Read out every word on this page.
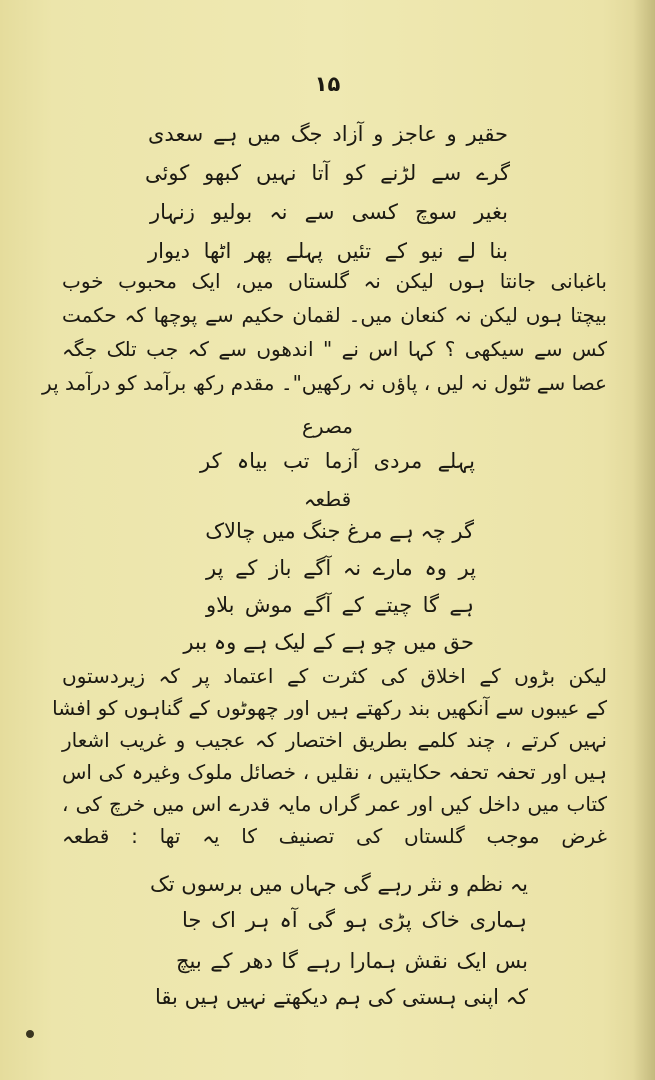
۱۵
حقیر و عاجز و آزاد جگ میں ہے سعدی
گرے سے لڑنے کو آتا نہیں کبھو کوئی
بغیر سوچ کسی سے نہ بولیو زنہار
بنا لے نیو کے تئیں پہلے پھر اٹھا دیوار
باغبانی جانتا ہوں لیکن نہ گلستاں میں، ایک محبوب خوب
بیچتا ہوں لیکن نہ کنعان میں۔ لقمان حکیم سے پوچھا کہ حکمت
کس سے سیکھی ؟ کہا اس نے " اندھوں سے کہ جب تلک جگہ
عصا سے ٹٹول نہ لیں ، پاؤں نہ رکھیں"۔ مقدم رکھ برآمد کو درآمد پر
مصرع
پہلے مردی آزما تب بیاہ کر
قطعہ
گر چہ ہے مرغ جنگ میں چالاک
پر وہ مارے نہ آگے باز کے پر
ہے گا چیتے کے آگے موش بلاو
حق میں چو ہے کے لیک ہے وہ ببر
لیکن بڑوں کے اخلاق کی کثرت کے اعتماد پر کہ زیردستوں
کے عیبوں سے آنکھیں بند رکھتے ہیں اور چھوٹوں کے گناہوں کو افشا
نہیں کرتے ، چند کلمے بطریق اختصار کہ عجیب و غریب اشعار
ہیں اور تحفہ تحفہ حکایتیں ، نقلیں ، خصائل ملوک وغیرہ کی اس
کتاب میں داخل کیں اور عمر گراں مایہ قدرے اس میں خرچ کی ،
غرض موجب گلستاں کی تصنیف کا یہ تھا : قطعہ
یہ نظم و نثر رہے گی جہاں میں برسوں تک
ہماری خاک پڑی ہو گی آہ ہر اک جا
بس ایک نقش ہمارا رہے گا دھر کے بیچ
کہ اپنی ہستی کی ہم دیکھتے نہیں ہیں بقا
